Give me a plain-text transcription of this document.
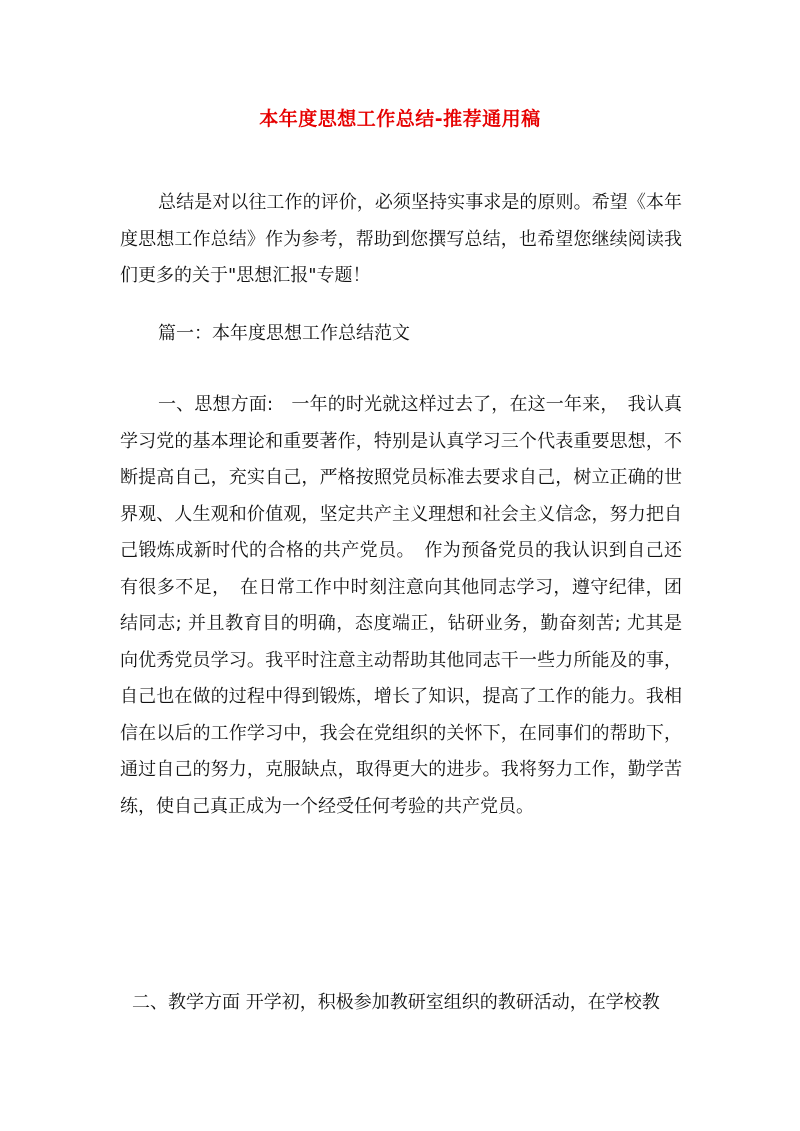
本年度思想工作总结-推荐通用稿

总结是对以往工作的评价，必须坚持实事求是的原则。希望《本年度思想工作总结》作为参考，帮助到您撰写总结，也希望您继续阅读我们更多的关于"思想汇报"专题！

篇一：本年度思想工作总结范文

一、思想方面:　一年的时光就这样过去了，在这一年来，　我认真学习党的基本理论和重要著作，特别是认真学习三个代表重要思想，不断提高自己，充实自己，严格按照党员标准去要求自己，树立正确的世界观、人生观和价值观，坚定共产主义理想和社会主义信念，努力把自己锻炼成新时代的合格的共产党员。　作为预备党员的我认识到自己还有很多不足，　在日常工作中时刻注意向其他同志学习，遵守纪律，团结同志; 并且教育目的明确，态度端正，钻研业务，勤奋刻苦; 尤其是向优秀党员学习。我平时注意主动帮助其他同志干一些力所能及的事，自己也在做的过程中得到锻炼，增长了知识，提高了工作的能力。我相信在以后的工作学习中，我会在党组织的关怀下，在同事们的帮助下，通过自己的努力，克服缺点，取得更大的进步。我将努力工作，勤学苦练，使自己真正成为一个经受任何考验的共产党员。

二、教学方面 开学初，积极参加教研室组织的教研活动，在学校教
